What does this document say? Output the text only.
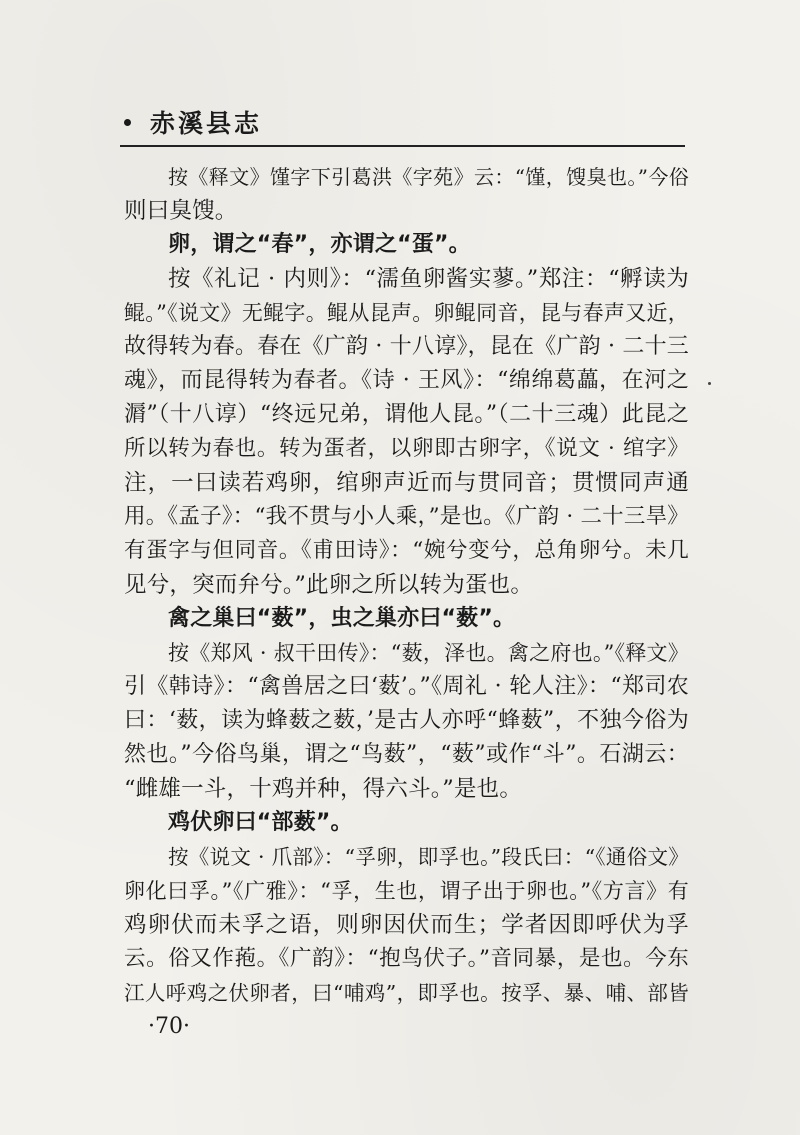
赤溪县志
按《释文》馑字下引葛洪《字苑》云：“馑，馊臭也。”今俗
则曰臭馊。
卵，谓之“春”，亦谓之“蛋”。
按《礼记 · 内则》：“濡鱼卵酱实蓼。”郑注：“孵读为
鲲。”《说文》无鲲字。鲲从昆声。卵鲲同音，昆与春声又近，
故得转为春。春在《广韵 · 十八谆》，昆在《广韵 · 二十三
魂》，而昆得转为春者。《诗 · 王风》：“绵绵葛藟，在河之
漘”（十八谆）“终远兄弟，谓他人昆。”（二十三魂）此昆之
所以转为春也。转为蛋者，以卵即古卵字，《说文 · 绾字》
注，一曰读若鸡卵，绾卵声近而与贯同音；贯惯同声通
用。《孟子》：“我不贯与小人乘，”是也。《广韵 · 二十三旱》
有蛋字与但同音。《甫田诗》：“婉兮变兮，总角卵兮。未几
见兮，突而弁兮。”此卵之所以转为蛋也。
禽之巢曰“薮”，虫之巢亦曰“薮”。
按《郑风 · 叔干田传》：“薮，泽也。禽之府也。”《释文》
引《韩诗》：“禽兽居之曰‘薮’。”《周礼 · 轮人注》：“郑司农
曰：‘薮，读为蜂薮之薮，’是古人亦呼“蜂薮”，不独今俗为
然也。”今俗鸟巢，谓之“鸟薮”，“薮”或作“斗”。石湖云：
“雌雄一斗，十鸡并种，得六斗。”是也。
鸡伏卵曰“部薮”。
按《说文 · 爪部》：“孚卵，即孚也。”段氏曰：“《通俗文》
卵化曰孚。”《广雅》：“孚，生也，谓子出于卵也。”《方言》有
鸡卵伏而未孚之语，则卵因伏而生；学者因即呼伏为孚
云。俗又作菢。《广韵》：“抱鸟伏子。”音同暴，是也。今东
江人呼鸡之伏卵者，曰“哺鸡”，即孚也。按孚、暴、哺、部皆
·70·
